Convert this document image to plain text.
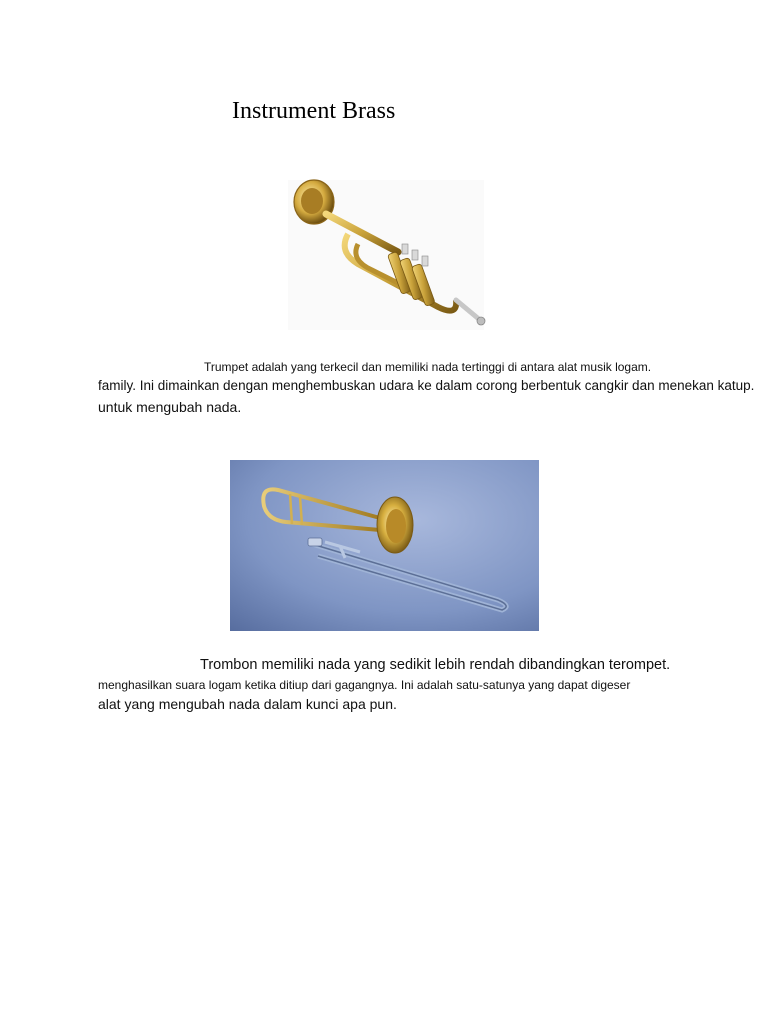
Instrument Brass
Trumpet adalah yang terkecil dan memiliki nada tertinggi di antara alat musik logam.
family. Ini dimainkan dengan menghembuskan udara ke dalam corong berbentuk cangkir dan menekan katup.
untuk mengubah nada.
Trombon memiliki nada yang sedikit lebih rendah dibandingkan terompet.
menghasilkan suara logam ketika ditiup dari gagangnya. Ini adalah satu-satunya yang dapat digeser
alat yang mengubah nada dalam kunci apa pun.
